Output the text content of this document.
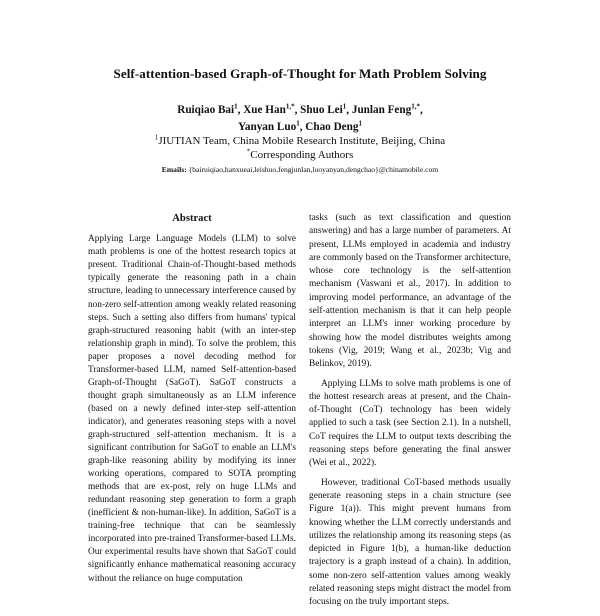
Self-attention-based Graph-of-Thought for Math Problem Solving
Ruiqiao Bai$^1$, Xue Han$^{1,*}$, Shuo Lei$^1$, Junlan Feng$^{1,*}$,
Yanyan Luo$^1$, Chao Deng$^1$
$^1$JIUTIAN Team, China Mobile Research Institute, Beijing, China
*Corresponding Authors
Emails: {bairuiqiao,hanxueai,leishuo,fengjunlan,luoyanyan,dengchao}@chinamobile.com
Abstract
Applying Large Language Models (LLM) to solve math problems is one of the hottest research topics at present. Traditional Chain-of-Thought-based methods typically generate the reasoning path in a chain structure, leading to unnecessary interference caused by non-zero self-attention among weakly related reasoning steps. Such a setting also differs from humans' typical graph-structured reasoning habit (with an inter-step relationship graph in mind). To solve the problem, this paper proposes a novel decoding method for Transformer-based LLM, named Self-attention-based Graph-of-Thought (SaGoT). SaGoT constructs a thought graph simultaneously as an LLM inference (based on a newly defined inter-step self-attention indicator), and generates reasoning steps with a novel graph-structured self-attention mechanism. It is a significant contribution for SaGoT to enable an LLM's graph-like reasoning ability by modifying its inner working operations, compared to SOTA prompting methods that are ex-post, rely on huge LLMs and redundant reasoning step generation to form a graph (inefficient & non-human-like). In addition, SaGoT is a training-free technique that can be seamlessly incorporated into pre-trained Transformer-based LLMs. Our experimental results have shown that SaGoT could significantly enhance mathematical reasoning accuracy without the reliance on huge computation

tasks (such as text classification and question answering) and has a large number of parameters. At present, LLMs employed in academia and industry are commonly based on the Transformer architecture, whose core technology is the self-attention mechanism (Vaswani et al., 2017). In addition to improving model performance, an advantage of the self-attention mechanism is that it can help people interpret an LLM's inner working procedure by showing how the model distributes weights among tokens (Vig, 2019; Wang et al., 2023b; Vig and Belinkov, 2019).

Applying LLMs to solve math problems is one of the hottest research areas at present, and the Chain-of-Thought (CoT) technology has been widely applied to such a task (see Section 2.1). In a nutshell, CoT requires the LLM to output texts describing the reasoning steps before generating the final answer (Wei et al., 2022).

However, traditional CoT-based methods usually generate reasoning steps in a chain structure (see Figure 1(a)). This might prevent humans from knowing whether the LLM correctly understands and utilizes the relationship among its reasoning steps (as depicted in Figure 1(b), a human-like deduction trajectory is a graph instead of a chain). In addition, some non-zero self-attention values among weakly related reasoning steps might distract the model from focusing on the truly important steps.
